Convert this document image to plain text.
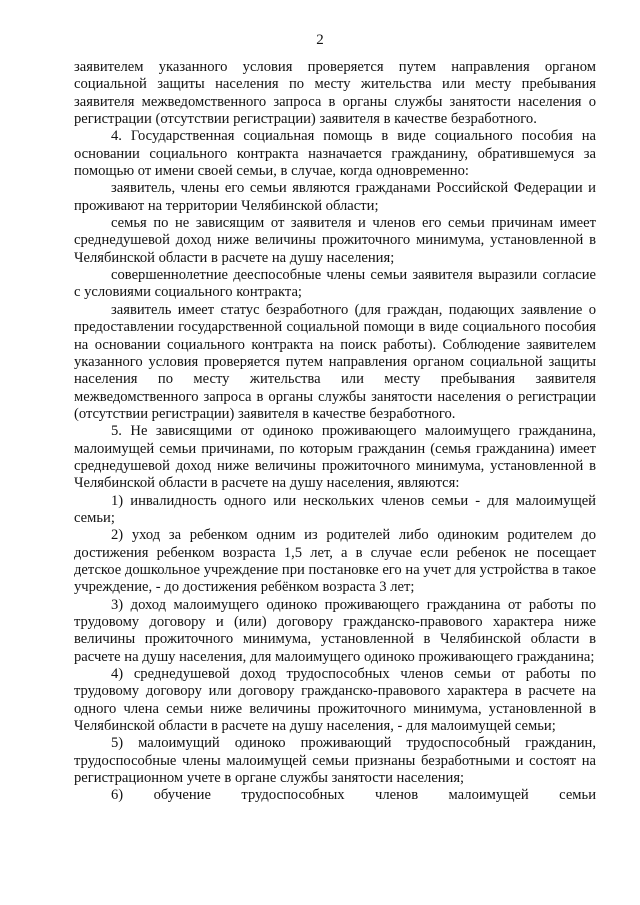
2

заявителем указанного условия проверяется путем направления органом социальной защиты населения по месту жительства или месту пребывания заявителя межведомственного запроса в органы службы занятости населения о регистрации (отсутствии регистрации) заявителя в качестве безработного.

4. Государственная социальная помощь в виде социального пособия на основании социального контракта назначается гражданину, обратившемуся за помощью от имени своей семьи, в случае, когда одновременно:

заявитель, члены его семьи являются гражданами Российской Федерации и проживают на территории Челябинской области;

семья по не зависящим от заявителя и членов его семьи причинам имеет среднедушевой доход ниже величины прожиточного минимума, установленной в Челябинской области в расчете на душу населения;

совершеннолетние дееспособные члены семьи заявителя выразили согласие с условиями социального контракта;

заявитель имеет статус безработного (для граждан, подающих заявление о предоставлении государственной социальной помощи в виде социального пособия на основании социального контракта на поиск работы). Соблюдение заявителем указанного условия проверяется путем направления органом социальной защиты населения по месту жительства или месту пребывания заявителя межведомственного запроса в органы службы занятости населения о регистрации (отсутствии регистрации) заявителя в качестве безработного.

5. Не зависящими от одиноко проживающего малоимущего гражданина, малоимущей семьи причинами, по которым гражданин (семья гражданина) имеет среднедушевой доход ниже величины прожиточного минимума, установленной в Челябинской области в расчете на душу населения, являются:

1) инвалидность одного или нескольких членов семьи - для малоимущей семьи;

2) уход за ребенком одним из родителей либо одиноким родителем до достижения ребенком возраста 1,5 лет, а в случае если ребенок не посещает детское дошкольное учреждение при постановке его на учет для устройства в такое учреждение, - до достижения ребёнком возраста 3 лет;

3) доход малоимущего одиноко проживающего гражданина от работы по трудовому договору и (или) договору гражданско-правового характера ниже величины прожиточного минимума, установленной в Челябинской области в расчете на душу населения, для малоимущего одиноко проживающего гражданина;

4) среднедушевой доход трудоспособных членов семьи от работы по трудовому договору или договору гражданско-правового характера в расчете на одного члена семьи ниже величины прожиточного минимума, установленной в Челябинской области в расчете на душу населения, - для малоимущей семьи;

5) малоимущий одиноко проживающий трудоспособный гражданин, трудоспособные члены малоимущей семьи признаны безработными и состоят на регистрационном учете в органе службы занятости населения;

6) обучение трудоспособных членов малоимущей семьи
